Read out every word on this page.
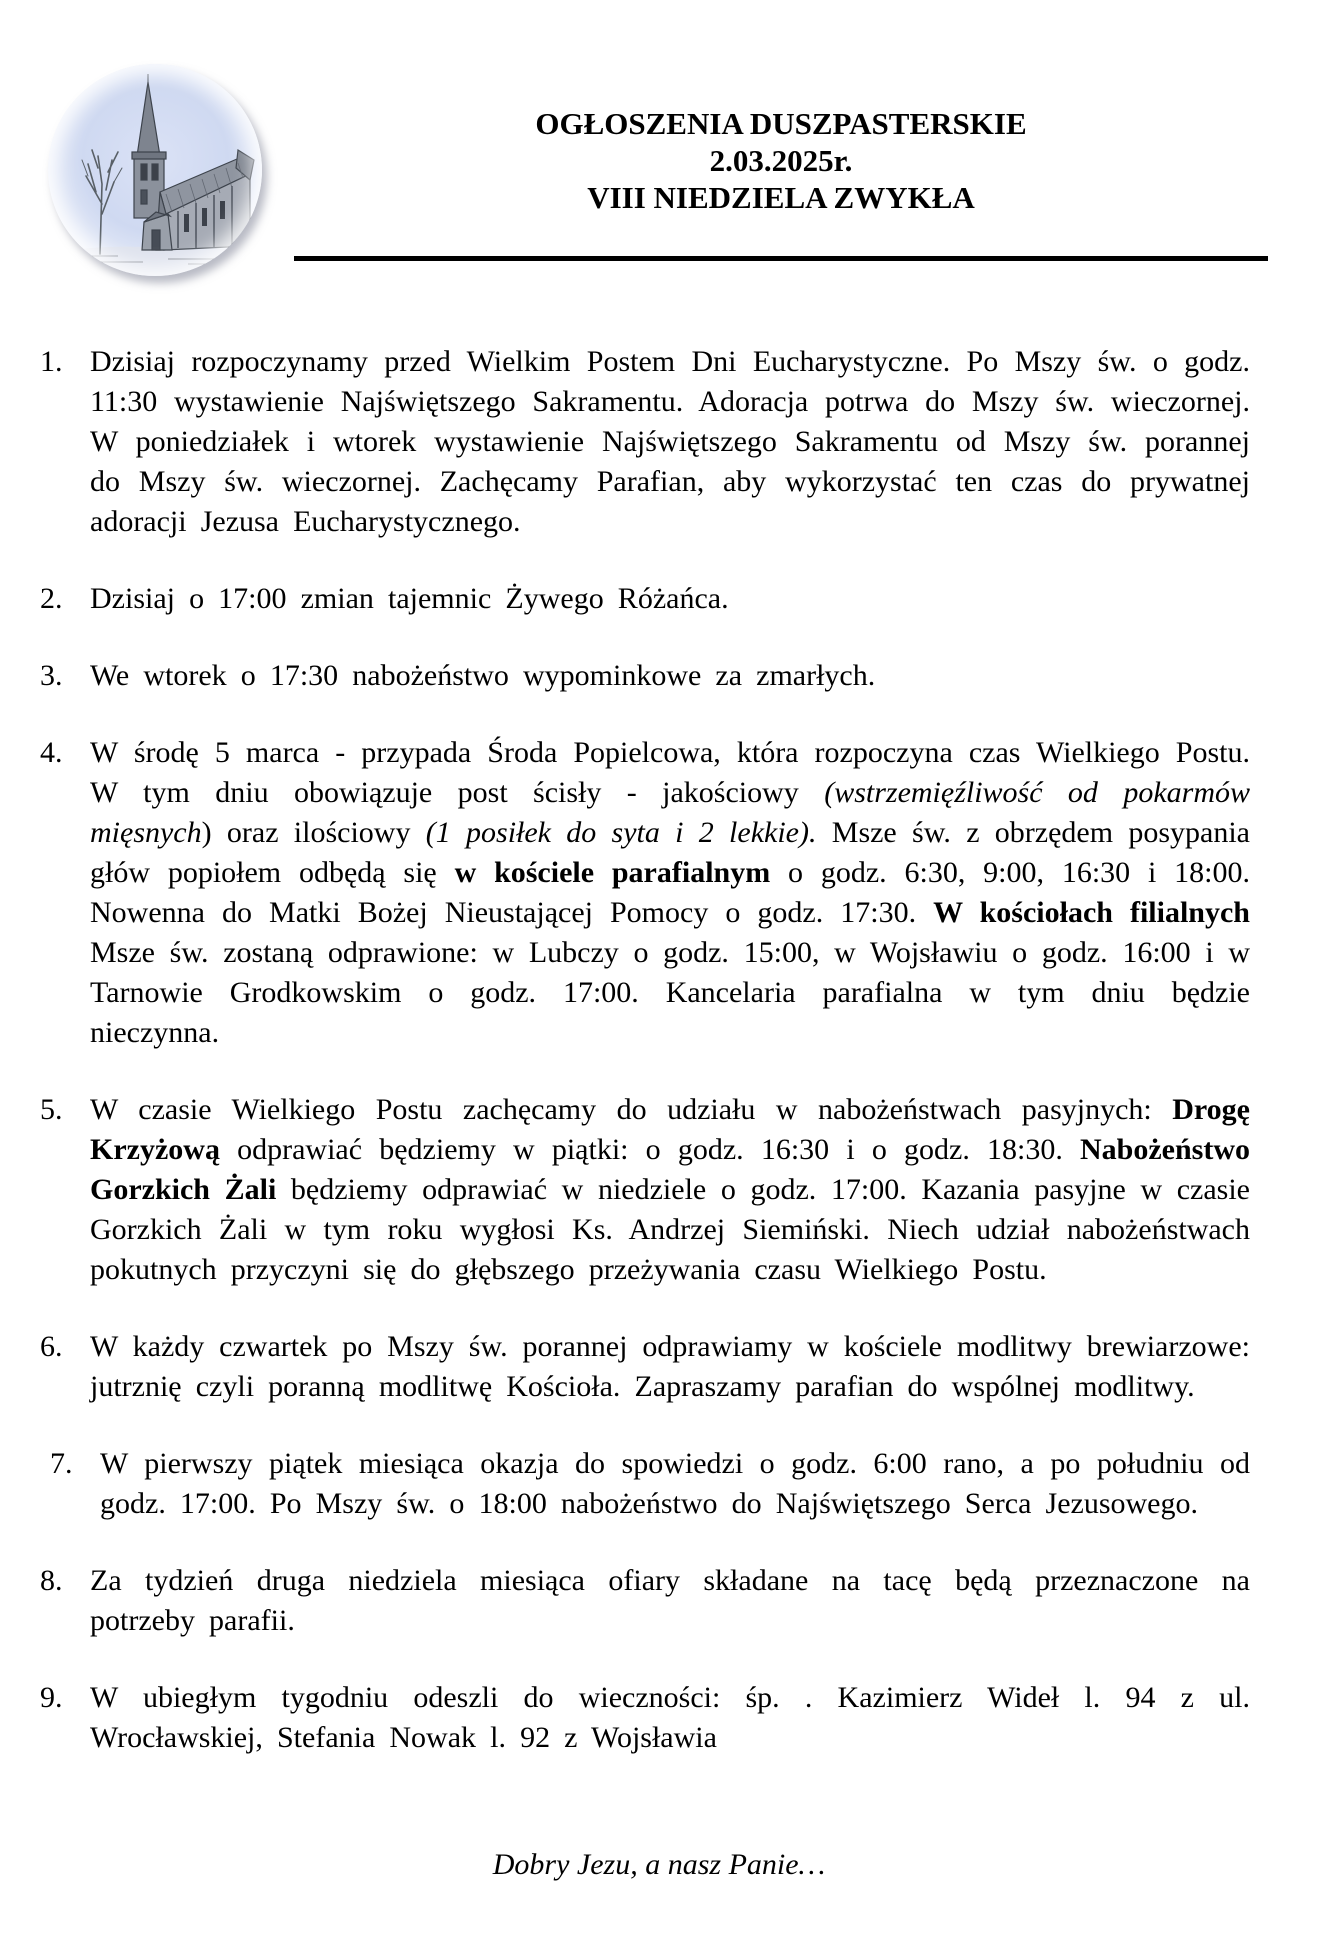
OGŁOSZENIA DUSZPASTERSKIE
2.03.2025r.
VIII NIEDZIELA ZWYKŁA
1. Dzisiaj rozpoczynamy przed Wielkim Postem Dni Eucharystyczne. Po Mszy św. o godz. 11:30 wystawienie Najświętszego Sakramentu. Adoracja potrwa do Mszy św. wieczornej. W poniedziałek i wtorek wystawienie Najświętszego Sakramentu od Mszy św. porannej do Mszy św. wieczornej. Zachęcamy Parafian, aby wykorzystać ten czas do prywatnej adoracji Jezusa Eucharystycznego.

2. Dzisiaj o 17:00 zmian tajemnic Żywego Różańca.

3. We wtorek o 17:30 nabożeństwo wypominkowe za zmarłych.

4. W środę 5 marca - przypada Środa Popielcowa, która rozpoczyna czas Wielkiego Postu. W tym dniu obowiązuje post ścisły - jakościowy (wstrzemięźliwość od pokarmów mięsnych) oraz ilościowy (1 posiłek do syta i 2 lekkie). Msze św. z obrzędem posypania głów popiołem odbędą się w kościele parafialnym o godz. 6:30, 9:00, 16:30 i 18:00. Nowenna do Matki Bożej Nieustającej Pomocy o godz. 17:30. W kościołach filialnych Msze św. zostaną odprawione: w Lubczy o godz. 15:00, w Wojsławiu o godz. 16:00 i w Tarnowie Grodkowskim o godz. 17:00. Kancelaria parafialna w tym dniu będzie nieczynna.

5. W czasie Wielkiego Postu zachęcamy do udziału w nabożeństwach pasyjnych: Drogę Krzyżową odprawiać będziemy w piątki: o godz. 16:30 i o godz. 18:30. Nabożeństwo Gorzkich Żali będziemy odprawiać w niedziele o godz. 17:00. Kazania pasyjne w czasie Gorzkich Żali w tym roku wygłosi Ks. Andrzej Siemiński. Niech udział nabożeństwach pokutnych przyczyni się do głębszego przeżywania czasu Wielkiego Postu.

6. W każdy czwartek po Mszy św. porannej odprawiamy w kościele modlitwy brewiarzowe: jutrznię czyli poranną modlitwę Kościoła. Zapraszamy parafian do wspólnej modlitwy.

7. W pierwszy piątek miesiąca okazja do spowiedzi o godz. 6:00 rano, a po południu od godz. 17:00. Po Mszy św. o 18:00 nabożeństwo do Najświętszego Serca Jezusowego.

8. Za tydzień druga niedziela miesiąca ofiary składane na tacę będą przeznaczone na potrzeby parafii.

9. W ubiegłym tygodniu odeszli do wieczności: śp. . Kazimierz Wideł l. 94 z ul. Wrocławskiej, Stefania Nowak l. 92 z Wojsławia

Dobry Jezu, a nasz Panie…
